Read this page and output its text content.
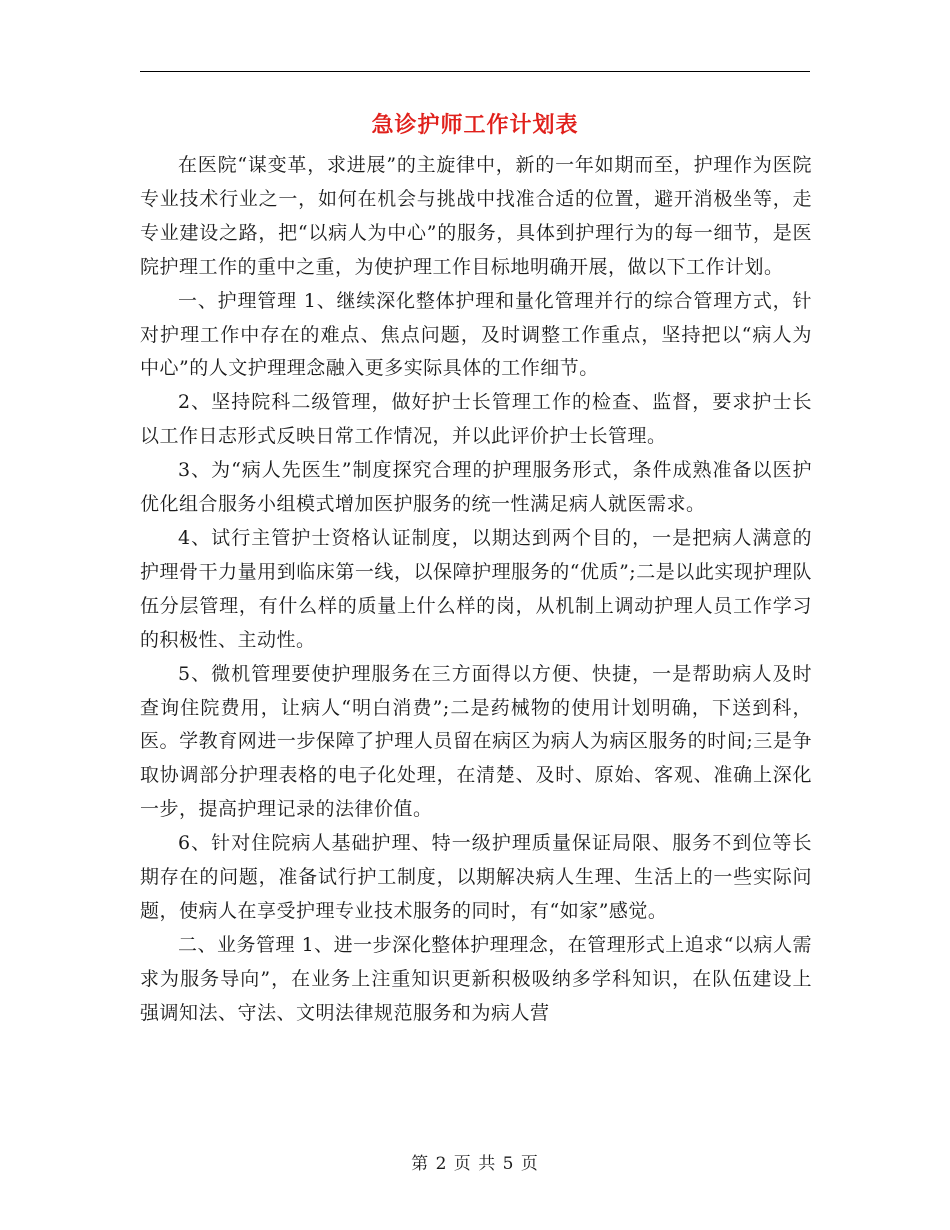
急诊护师工作计划表

在医院“谋变革，求进展”的主旋律中，新的一年如期而至，护理作为医院专业技术行业之一，如何在机会与挑战中找准合适的位置，避开消极坐等，走专业建设之路，把“以病人为中心”的服务，具体到护理行为的每一细节，是医院护理工作的重中之重，为使护理工作目标地明确开展，做以下工作计划。

一、护理管理 1、继续深化整体护理和量化管理并行的综合管理方式，针对护理工作中存在的难点、焦点问题，及时调整工作重点，坚持把以“病人为中心”的人文护理理念融入更多实际具体的工作细节。

2、坚持院科二级管理，做好护士长管理工作的检查、监督，要求护士长以工作日志形式反映日常工作情况，并以此评价护士长管理。

3、为“病人先医生”制度探究合理的护理服务形式，条件成熟准备以医护优化组合服务小组模式增加医护服务的统一性满足病人就医需求。

4、试行主管护士资格认证制度，以期达到两个目的，一是把病人满意的护理骨干力量用到临床第一线，以保障护理服务的“优质”;二是以此实现护理队伍分层管理，有什么样的质量上什么样的岗，从机制上调动护理人员工作学习的积极性、主动性。

5、微机管理要使护理服务在三方面得以方便、快捷，一是帮助病人及时查询住院费用，让病人“明白消费”;二是药械物的使用计划明确，下送到科，医。学教育网进一步保障了护理人员留在病区为病人为病区服务的时间;三是争取协调部分护理表格的电子化处理，在清楚、及时、原始、客观、准确上深化一步，提高护理记录的法律价值。

6、针对住院病人基础护理、特一级护理质量保证局限、服务不到位等长期存在的问题，准备试行护工制度，以期解决病人生理、生活上的一些实际问题，使病人在享受护理专业技术服务的同时，有“如家”感觉。

二、业务管理 1、进一步深化整体护理理念，在管理形式上追求“以病人需求为服务导向”，在业务上注重知识更新积极吸纳多学科知识，在队伍建设上强调知法、守法、文明法律规范服务和为病人营

第 2 页 共 5 页
